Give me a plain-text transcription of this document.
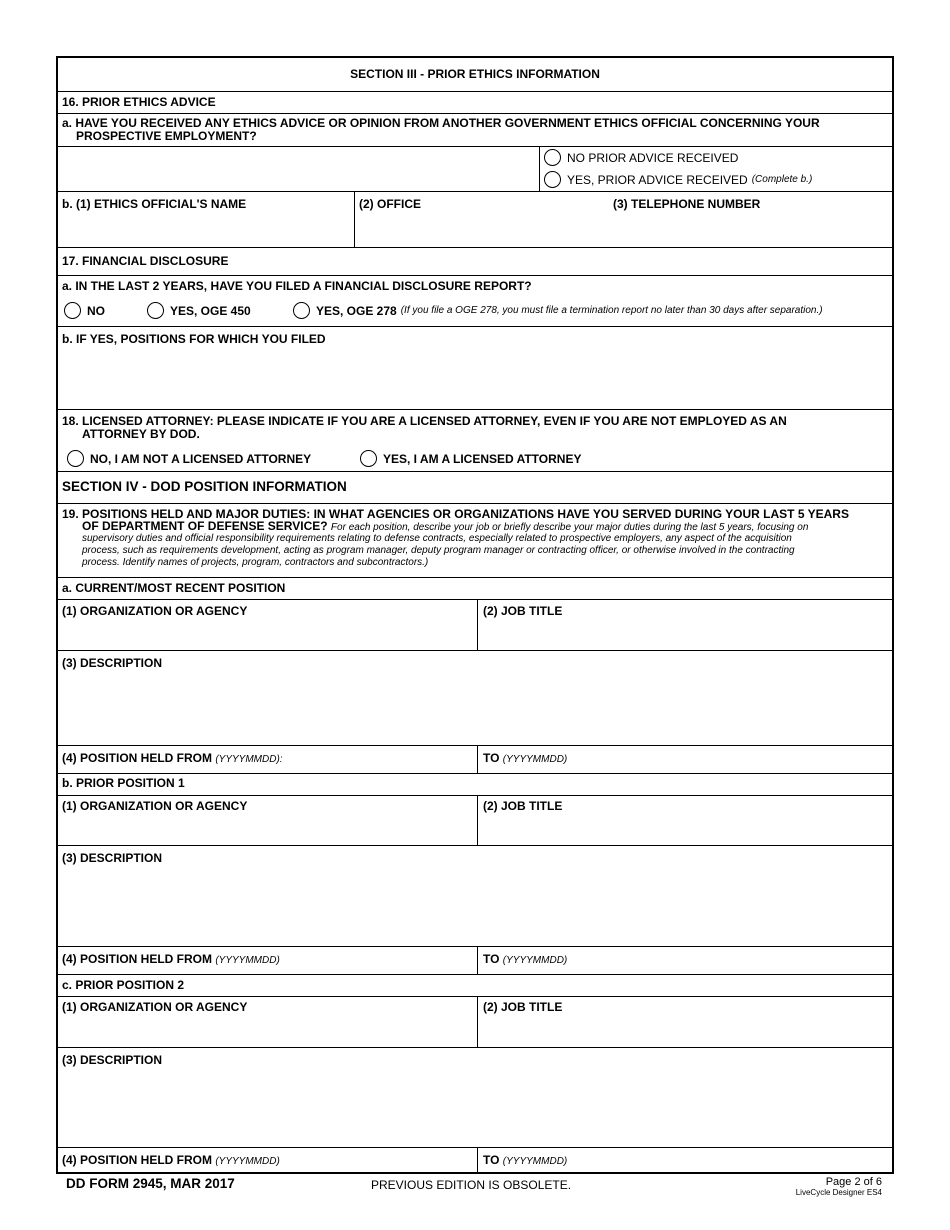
SECTION III - PRIOR ETHICS INFORMATION
16. PRIOR ETHICS ADVICE
a. HAVE YOU RECEIVED ANY ETHICS ADVICE OR OPINION FROM ANOTHER GOVERNMENT ETHICS OFFICIAL CONCERNING YOUR
PROSPECTIVE EMPLOYMENT?
NO PRIOR ADVICE RECEIVED
YES, PRIOR ADVICE RECEIVED (Complete b.)
b. (1) ETHICS OFFICIAL'S NAME	(2) OFFICE	(3) TELEPHONE NUMBER
17. FINANCIAL DISCLOSURE
a. IN THE LAST 2 YEARS, HAVE YOU FILED A FINANCIAL DISCLOSURE REPORT?
NO	YES, OGE 450	YES, OGE 278 (If you file a OGE 278, you must file a termination report no later than 30 days after separation.)
b. IF YES, POSITIONS FOR WHICH YOU FILED
18. LICENSED ATTORNEY: PLEASE INDICATE IF YOU ARE A LICENSED ATTORNEY, EVEN IF YOU ARE NOT EMPLOYED AS AN
ATTORNEY BY DOD.
NO, I AM NOT A LICENSED ATTORNEY	YES, I AM A LICENSED ATTORNEY
SECTION IV - DOD POSITION INFORMATION
19. POSITIONS HELD AND MAJOR DUTIES: IN WHAT AGENCIES OR ORGANIZATIONS HAVE YOU SERVED DURING YOUR LAST 5 YEARS
OF DEPARTMENT OF DEFENSE SERVICE? For each position, describe your job or briefly describe your major duties during the last 5 years, focusing on
supervisory duties and official responsibility requirements relating to defense contracts, especially related to prospective employers, any aspect of the acquisition
process, such as requirements development, acting as program manager, deputy program manager or contracting officer, or otherwise involved in the contracting
process. Identify names of projects, program, contractors and subcontractors.)
a. CURRENT/MOST RECENT POSITION
(1) ORGANIZATION OR AGENCY	(2) JOB TITLE
(3) DESCRIPTION
(4) POSITION HELD FROM (YYYYMMDD):	TO (YYYYMMDD)
b. PRIOR POSITION 1
(1) ORGANIZATION OR AGENCY	(2) JOB TITLE
(3) DESCRIPTION
(4) POSITION HELD FROM (YYYYMMDD)	TO (YYYYMMDD)
c. PRIOR POSITION 2
(1) ORGANIZATION OR AGENCY	(2) JOB TITLE
(3) DESCRIPTION
(4) POSITION HELD FROM (YYYYMMDD)	TO (YYYYMMDD)
DD FORM 2945, MAR 2017	PREVIOUS EDITION IS OBSOLETE.	Page 2 of 6
LiveCycle Designer ES4
